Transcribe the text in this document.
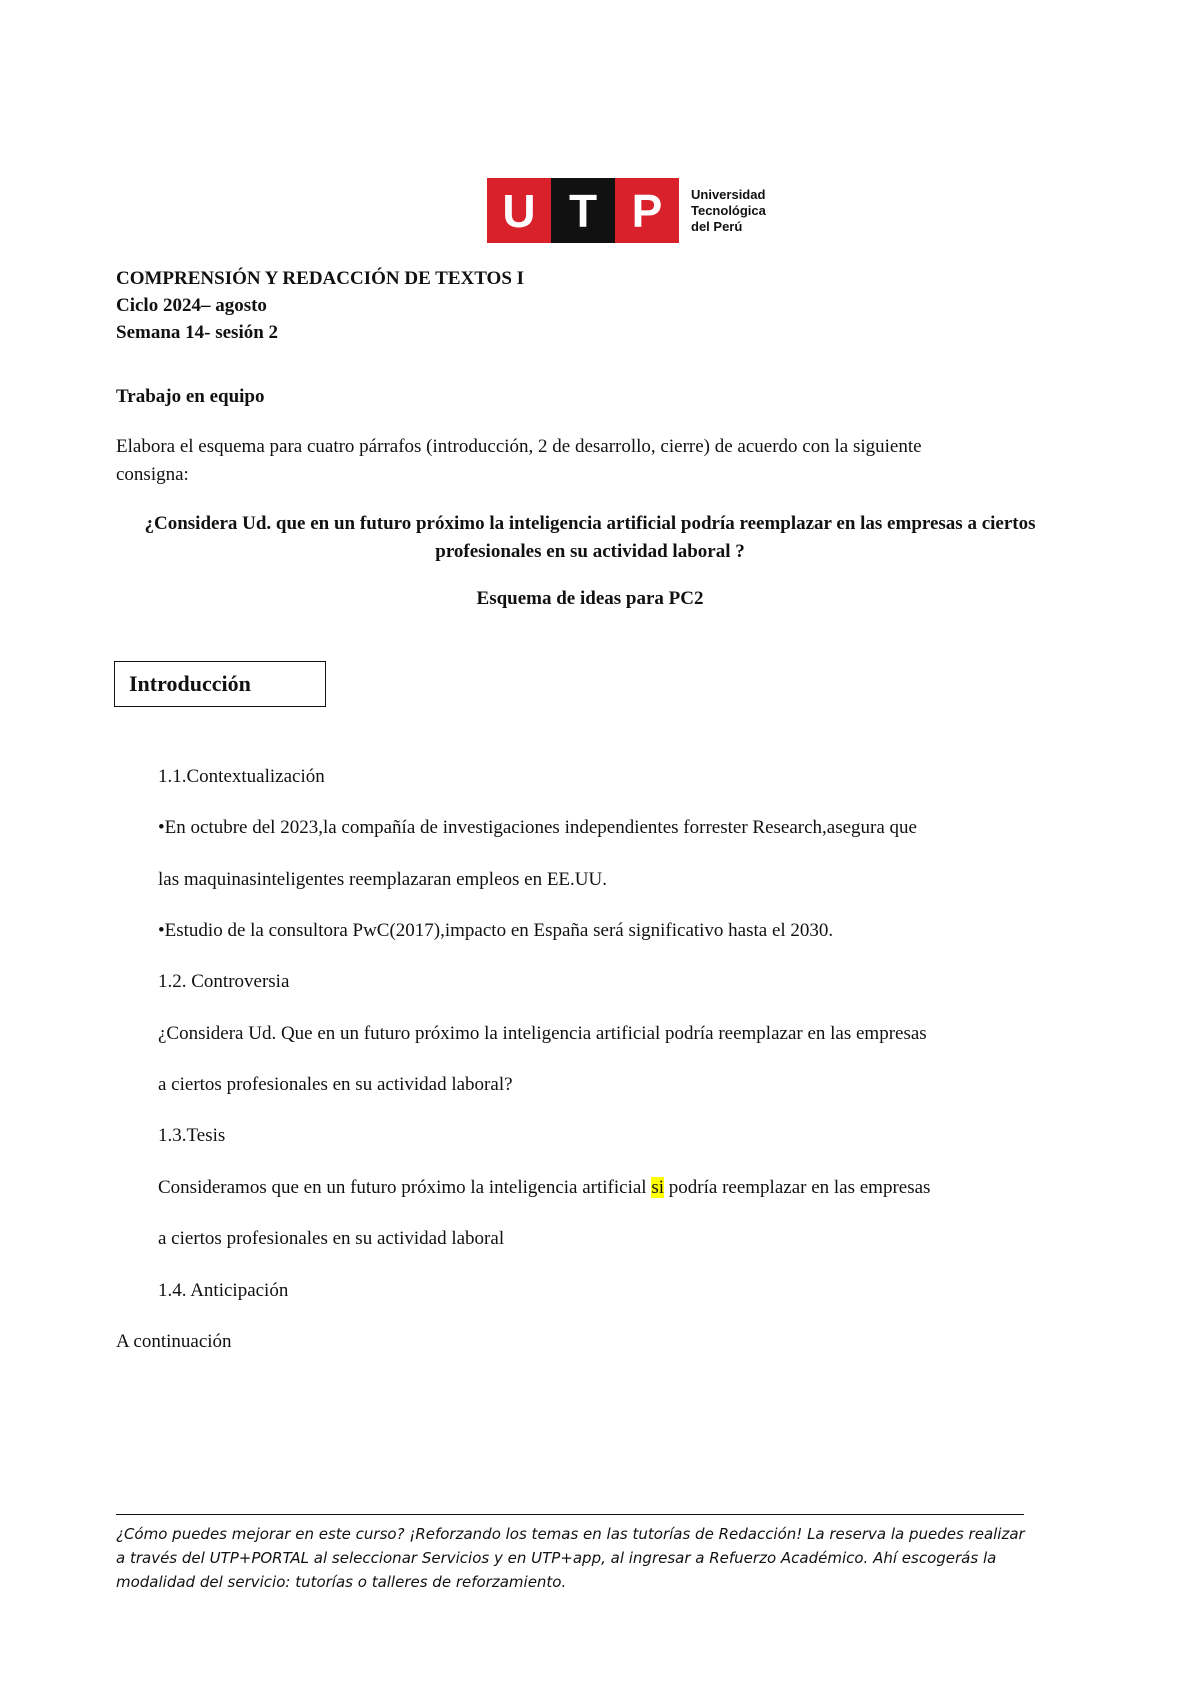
U T P	Universidad
Tecnológica
del Perú
COMPRENSIÓN Y REDACCIÓN DE TEXTOS I
Ciclo 2024– agosto
Semana 14- sesión 2
Trabajo en equipo
Elabora el esquema para cuatro párrafos (introducción, 2 de desarrollo, cierre) de acuerdo con la siguiente
consigna:
¿Considera Ud. que en un futuro próximo la inteligencia artificial podría reemplazar en las empresas a ciertos profesionales en su actividad laboral ?
Esquema de ideas para PC2
Introducción
1.1.Contextualización
•En octubre del 2023,la compañía de investigaciones independientes forrester Research,asegura que
las maquinasinteligentes reemplazaran empleos en EE.UU.
•Estudio de la consultora PwC(2017),impacto en España será significativo hasta el 2030.
1.2. Controversia
¿Considera Ud. Que en un futuro próximo la inteligencia artificial podría reemplazar en las empresas
a ciertos profesionales en su actividad laboral?
1.3.Tesis
Consideramos que en un futuro próximo la inteligencia artificial si podría reemplazar en las empresas
a ciertos profesionales en su actividad laboral
1.4. Anticipación
A continuación
¿Cómo puedes mejorar en este curso? ¡Reforzando los temas en las tutorías de Redacción! La reserva la puedes realizar a través del UTP+PORTAL al seleccionar Servicios y en UTP+app, al ingresar a Refuerzo Académico. Ahí escogerás la modalidad del servicio: tutorías o talleres de reforzamiento.
